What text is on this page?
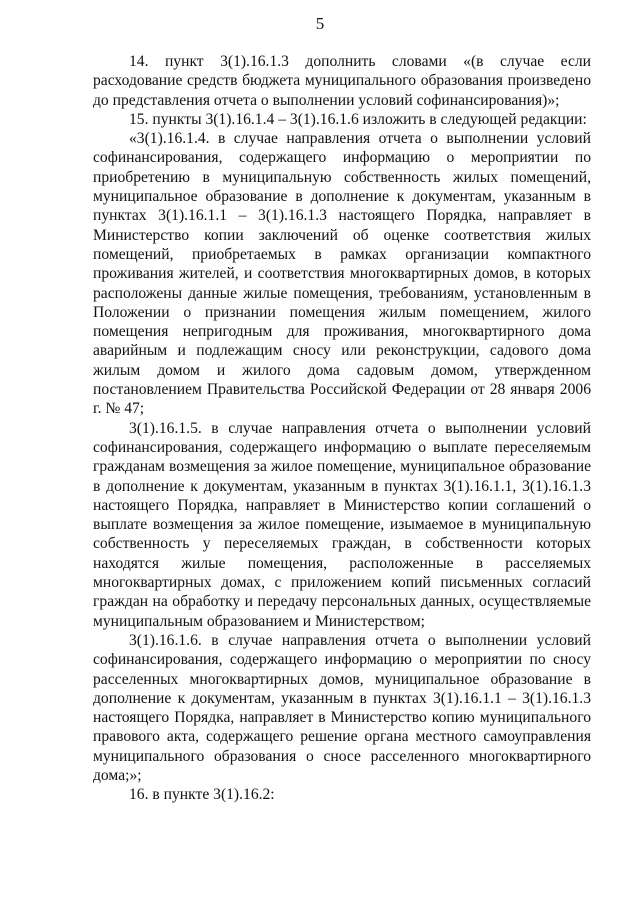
5

14. пункт 3(1).16.1.3 дополнить словами «(в случае если расходование средств бюджета муниципального образования произведено до представления отчета о выполнении условий софинансирования)»;

15. пункты 3(1).16.1.4 – 3(1).16.1.6 изложить в следующей редакции:

«3(1).16.1.4. в случае направления отчета о выполнении условий софинансирования, содержащего информацию о мероприятии по приобретению в муниципальную собственность жилых помещений, муниципальное образование в дополнение к документам, указанным в пунктах 3(1).16.1.1 – 3(1).16.1.3 настоящего Порядка, направляет в Министерство копии заключений об оценке соответствия жилых помещений, приобретаемых в рамках организации компактного проживания жителей, и соответствия многоквартирных домов, в которых расположены данные жилые помещения, требованиям, установленным в Положении о признании помещения жилым помещением, жилого помещения непригодным для проживания, многоквартирного дома аварийным и подлежащим сносу или реконструкции, садового дома жилым домом и жилого дома садовым домом, утвержденном постановлением Правительства Российской Федерации от 28 января 2006 г. № 47;

3(1).16.1.5. в случае направления отчета о выполнении условий софинансирования, содержащего информацию о выплате переселяемым гражданам возмещения за жилое помещение, муниципальное образование в дополнение к документам, указанным в пунктах 3(1).16.1.1, 3(1).16.1.3 настоящего Порядка, направляет в Министерство копии соглашений о выплате возмещения за жилое помещение, изымаемое в муниципальную собственность у переселяемых граждан, в собственности которых находятся жилые помещения, расположенные в расселяемых многоквартирных домах, с приложением копий письменных согласий граждан на обработку и передачу персональных данных, осуществляемые муниципальным образованием и Министерством;

3(1).16.1.6. в случае направления отчета о выполнении условий софинансирования, содержащего информацию о мероприятии по сносу расселенных многоквартирных домов, муниципальное образование в дополнение к документам, указанным в пунктах 3(1).16.1.1 – 3(1).16.1.3 настоящего Порядка, направляет в Министерство копию муниципального правового акта, содержащего решение органа местного самоуправления муниципального образования о сносе расселенного многоквартирного дома;»;

16. в пункте 3(1).16.2:
